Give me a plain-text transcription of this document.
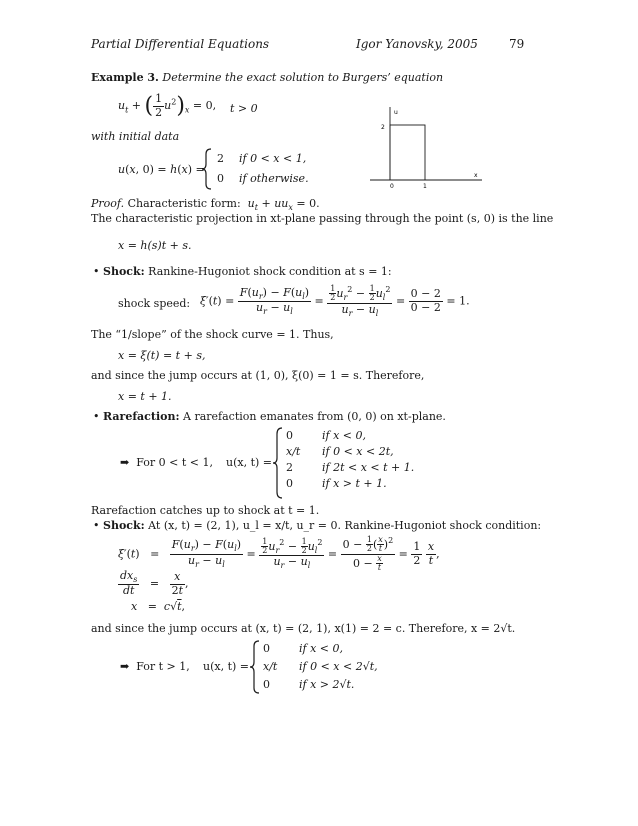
Partial Differential Equations	Igor Yanovsky, 2005	79
Example 3. Determine the exact solution to Burgers’ equation
$u_t$ + ( $\frac{1}{2} u^2)_x = 0$, t > 0
with initial data
u(x, 0) = h(x) =
2 if 0 < x < 1,
0 if otherwise.
u
2
0	1
x
Proof. Characteristic form: $u_t + uu_x = 0$.
The characteristic projection in xt-plane passing through the point (s, 0) is the line
x = h(s)t + s.
• Shock: Rankine-Hugoniot shock condition at s = 1:
shock speed: $\xi'(t) = \frac{F(u_r) - F(u_l)}{u_r - u_l} = \frac{\frac{1}{2} u_r^2 - \frac{1}{2} u_l^2}{u_r - u_l} = \frac{0 - 2}{0 - 2} = 1$.
The “1/slope” of the shock curve = 1. Thus,
x = ξ(t) = t + s,
and since the jump occurs at (1, 0), ξ(0) = 1 = s. Therefore,
x = t + 1.
• Rarefaction: A rarefaction emanates from (0, 0) on xt-plane.
➡ For 0 < t < 1, u(x, t) =
0	if x < 0,
x/t if 0 < x < 2t,
2	if 2t < x < t + 1.
0	if x > t + 1.
Rarefaction catches up to shock at t = 1.
• Shock: At (x, t) = (2, 1), u_l = x/t, u_r = 0. Rankine-Hugoniot shock condition:
$\xi'(t) = \frac{F(u_r) - F(u_l)}{u_r - u_l} = \frac{\frac{1}{2} u_r^2 - \frac{1}{2} u_l^2}{u_r - u_l} = \frac{0 - \frac{1}{2} ( \frac{x}{t} )^2}{0 - \frac{x}{t}} = \frac{1}{2}$
$\frac{x}{t}$ ,
$\frac{dx_s}{dt} = \frac{x}{2t}$ ,
x   =  c√t,
and since the jump occurs at (x, t) = (2, 1), x(1) = 2 = c. Therefore, x = 2√t.
➡ For t > 1, u(x, t) =
0	if x < 0,
x/t if 0 < x < 2√t,
0	if x > 2√t.
